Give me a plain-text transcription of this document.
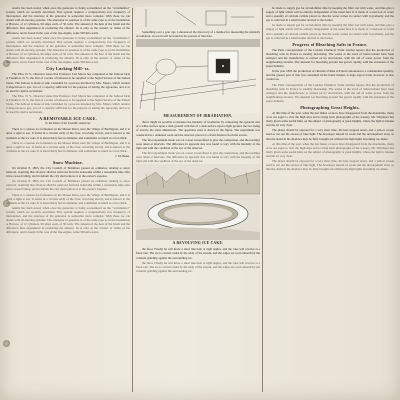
results has been noted; when once the generator is being economized on the "accumulator" system, which we recently described. This system requires a comparatively few frequency of interruption, and the structure of the generator is somewhat more complex. With these we can obtain with all-moving systems. The alternator in question is of the same type as in the installation at Harrow, of 12 cylinders, 60 amps each, of 50 volts. The amount of the heat of the brush and the difference thus engendered in producing the amount. Its is only as the current, or rather of the difference, and is found in the case of the fire-engine, some 500 kilo-watts.

results has been noted; when once the generator is being economized on the "accumulator" system, which we recently described. This system requires a comparatively few frequency of interruption, and the structure of the generator is somewhat more complex. With these we can obtain with all-moving systems. The alternator in question is of the same type as in the installation at Harrow, of 12 cylinders, 60 amps each, of 50 volts. The amount of the heat of the brush and the difference thus engendered in producing the amount. Its is only as the current, or rather of the difference, and is found in the case of the fire-engine, some 500 kilo-watts.

City Lurking Mill--ss.

The Elbe, N. Y., Observer states that Professor Carl Myers has completed at the balloon farm at Frankfort, N. Y., the first of a series of balloons to be supplied to the Signal Service of the United States. The balloon is made of silk, varnished by a process invented by Mrs. Myers, which renders it impervious to gas. It is of a capacity sufficient for the purpose of testing the apparatus, and is to be used in captive ascensions.

The Elbe, N. Y., Observer states that Professor Carl Myers has completed at the balloon farm at Frankfort, N. Y., the first of a series of balloons to be supplied to the Signal Service of the United States. The balloon is made of silk, varnished by a process invented by Mrs. Myers, which renders it impervious to gas. It is of a capacity sufficient for the purpose of testing the apparatus, and is to be used in captive ascensions.

A REMOVABLE ICE CAKE.
To the Editor of the Scientific American:

There is a curious ice formation on the Mason River, near the village of Burlington, and it is quite a sight to see. It forms in a circular eddy of the river, revolving slowly, and is known to the residents as the ice cake. It is about thirty feet in diameter, and sometimes as much as a foot thick.

There is a curious ice formation on the Mason River, near the village of Burlington, and it is quite a sight to see. It forms in a circular eddy of the river, revolving slowly, and is known to the residents as the ice cake. It is about thirty feet in diameter, and sometimes as much as a foot thick.

J. M. Bates.
Snow Machine.

On October 8, 1893, the City Council of Baltimore passed an ordinance relating to snow removal, requiring that all snow shall be removed from the sidewalks within a reasonable time after it has ceased falling, and in default the city shall remove it at the owner's expense.

On October 8, 1893, the City Council of Baltimore passed an ordinance relating to snow removal, requiring that all snow shall be removed from the sidewalks within a reasonable time after it has ceased falling, and in default the city shall remove it at the owner's expense.

There is a curious ice formation on the Mason River, near the village of Burlington, and it is quite a sight to see. It forms in a circular eddy of the river, revolving slowly, and is known to the residents as the ice cake. It is about thirty feet in diameter, and sometimes as much as a foot thick.

results has been noted; when once the generator is being economized on the "accumulator" system, which we recently described. This system requires a comparatively few frequency of interruption, and the structure of the generator is somewhat more complex. With these we can obtain with all-moving systems. The alternator in question is of the same type as in the installation at Harrow, of 12 cylinders, 60 amps each, of 50 volts. The amount of the heat of the brush and the difference thus engendered in producing the amount. Its is only as the current, or rather of the difference, and is found in the case of the fire-engine, some 500 kilo-watts.

Something over a year ago I announced the discovery of a method for measuring the intensity of radiation. A record will be found in the journal of that date.

MEASUREMENT OF IRRADIATION.

that it might be possible to measure the intensity of irradiation by comparing the apparent size of a white surface upon a dark ground with that of a dark surface upon a light ground, the two being of exactly the same dimensions. The apparatus used is shown in the figure. The experiment was conducted in a darkened room and the observer placed at a fixed distance from the screen.

The first experiment made was on a steel screen fitted to give the comparison, and the readings were taken at intervals. The difference in apparent size was found to vary with the intensity of the light and with the condition of the eye of the observer.

The first experiment made was on a steel screen fitted to give the comparison, and the readings were taken at intervals. The difference in apparent size was found to vary with the intensity of the light and with the condition of the eye of the observer.

A REVOLVING ICE CAKE.

the floor. Finally he will know a short line bent at right angles, and the cake will revolve at a fixed rate. The ice is carried round by the eddy of the stream, and the edges are worn smooth by the constant grinding against the surrounding ice.

the floor. Finally he will know a short line bent at right angles, and the cake will revolve at a fixed rate. The ice is carried round by the eddy of the stream, and the edges are worn smooth by the constant grinding against the surrounding ice.

be made to supply gas for an indefinite time by keeping the filter wet with water, and thus give a supply of light which will be entirely independent of the usual fuel. It is made of a reservoir of water and a quantity of calcium carbide placed so that the water comes in contact with it gradually, and the gas is collected in a small holder and led to the burner.

be made to supply gas for an indefinite time by keeping the filter wet with water, and thus give a supply of light which will be entirely independent of the usual fuel. It is made of a reservoir of water and a quantity of calcium carbide placed so that the water comes in contact with it gradually, and the gas is collected in a small holder and led to the burner.

Progress of Bleaching Salts in France.

The Paris correspondent of the London Chemical Trade Journal reports that the production of bleaching salts in France is steadily increasing. The works at the town of Saint-Gobain have been enlarged and the manufacture is carried on by electrolysis, with the aid of water power from the neighbouring streams. The demand for bleaching powder has grown rapidly with the extension of the paper industry.

In the year 1895 the production of chloride of lime in France amounted to a considerable quantity, and the greater part of this was consumed in the home market. A large export trade, however, is also carried on.

The Paris correspondent of the London Chemical Trade Journal reports that the production of bleaching salts in France is steadily increasing. The works at the town of Saint-Gobain have been enlarged and the manufacture is carried on by electrolysis, with the aid of water power from the neighbouring streams. The demand for bleaching powder has grown rapidly with the extension of the paper industry.

Photographing Great Heights.

At this time of the year, when the last flakes of snow have disappeared from the mountains, many of us are eager to visit the high Alps and to bring back photographs of the scenery. Mr. Whymper has lately given some useful hints on the subject of photography at great heights, where the light is intense and the air very clear.

The plates should be exposed for a very short time, the lens stopped down, and a yellow screen used to cut out the excess of blue light. The developer should be weak and the development slow, so that the detail in the shadows may be fully brought out without the high lights becoming too dense.

At this time of the year, when the last flakes of snow have disappeared from the mountains, many of us are eager to visit the high Alps and to bring back photographs of the scenery. Mr. Whymper has lately given some useful hints on the subject of photography at great heights, where the light is intense and the air very clear.

The plates should be exposed for a very short time, the lens stopped down, and a yellow screen used to cut out the excess of blue light. The developer should be weak and the development slow, so that the detail in the shadows may be fully brought out without the high lights becoming too dense.
